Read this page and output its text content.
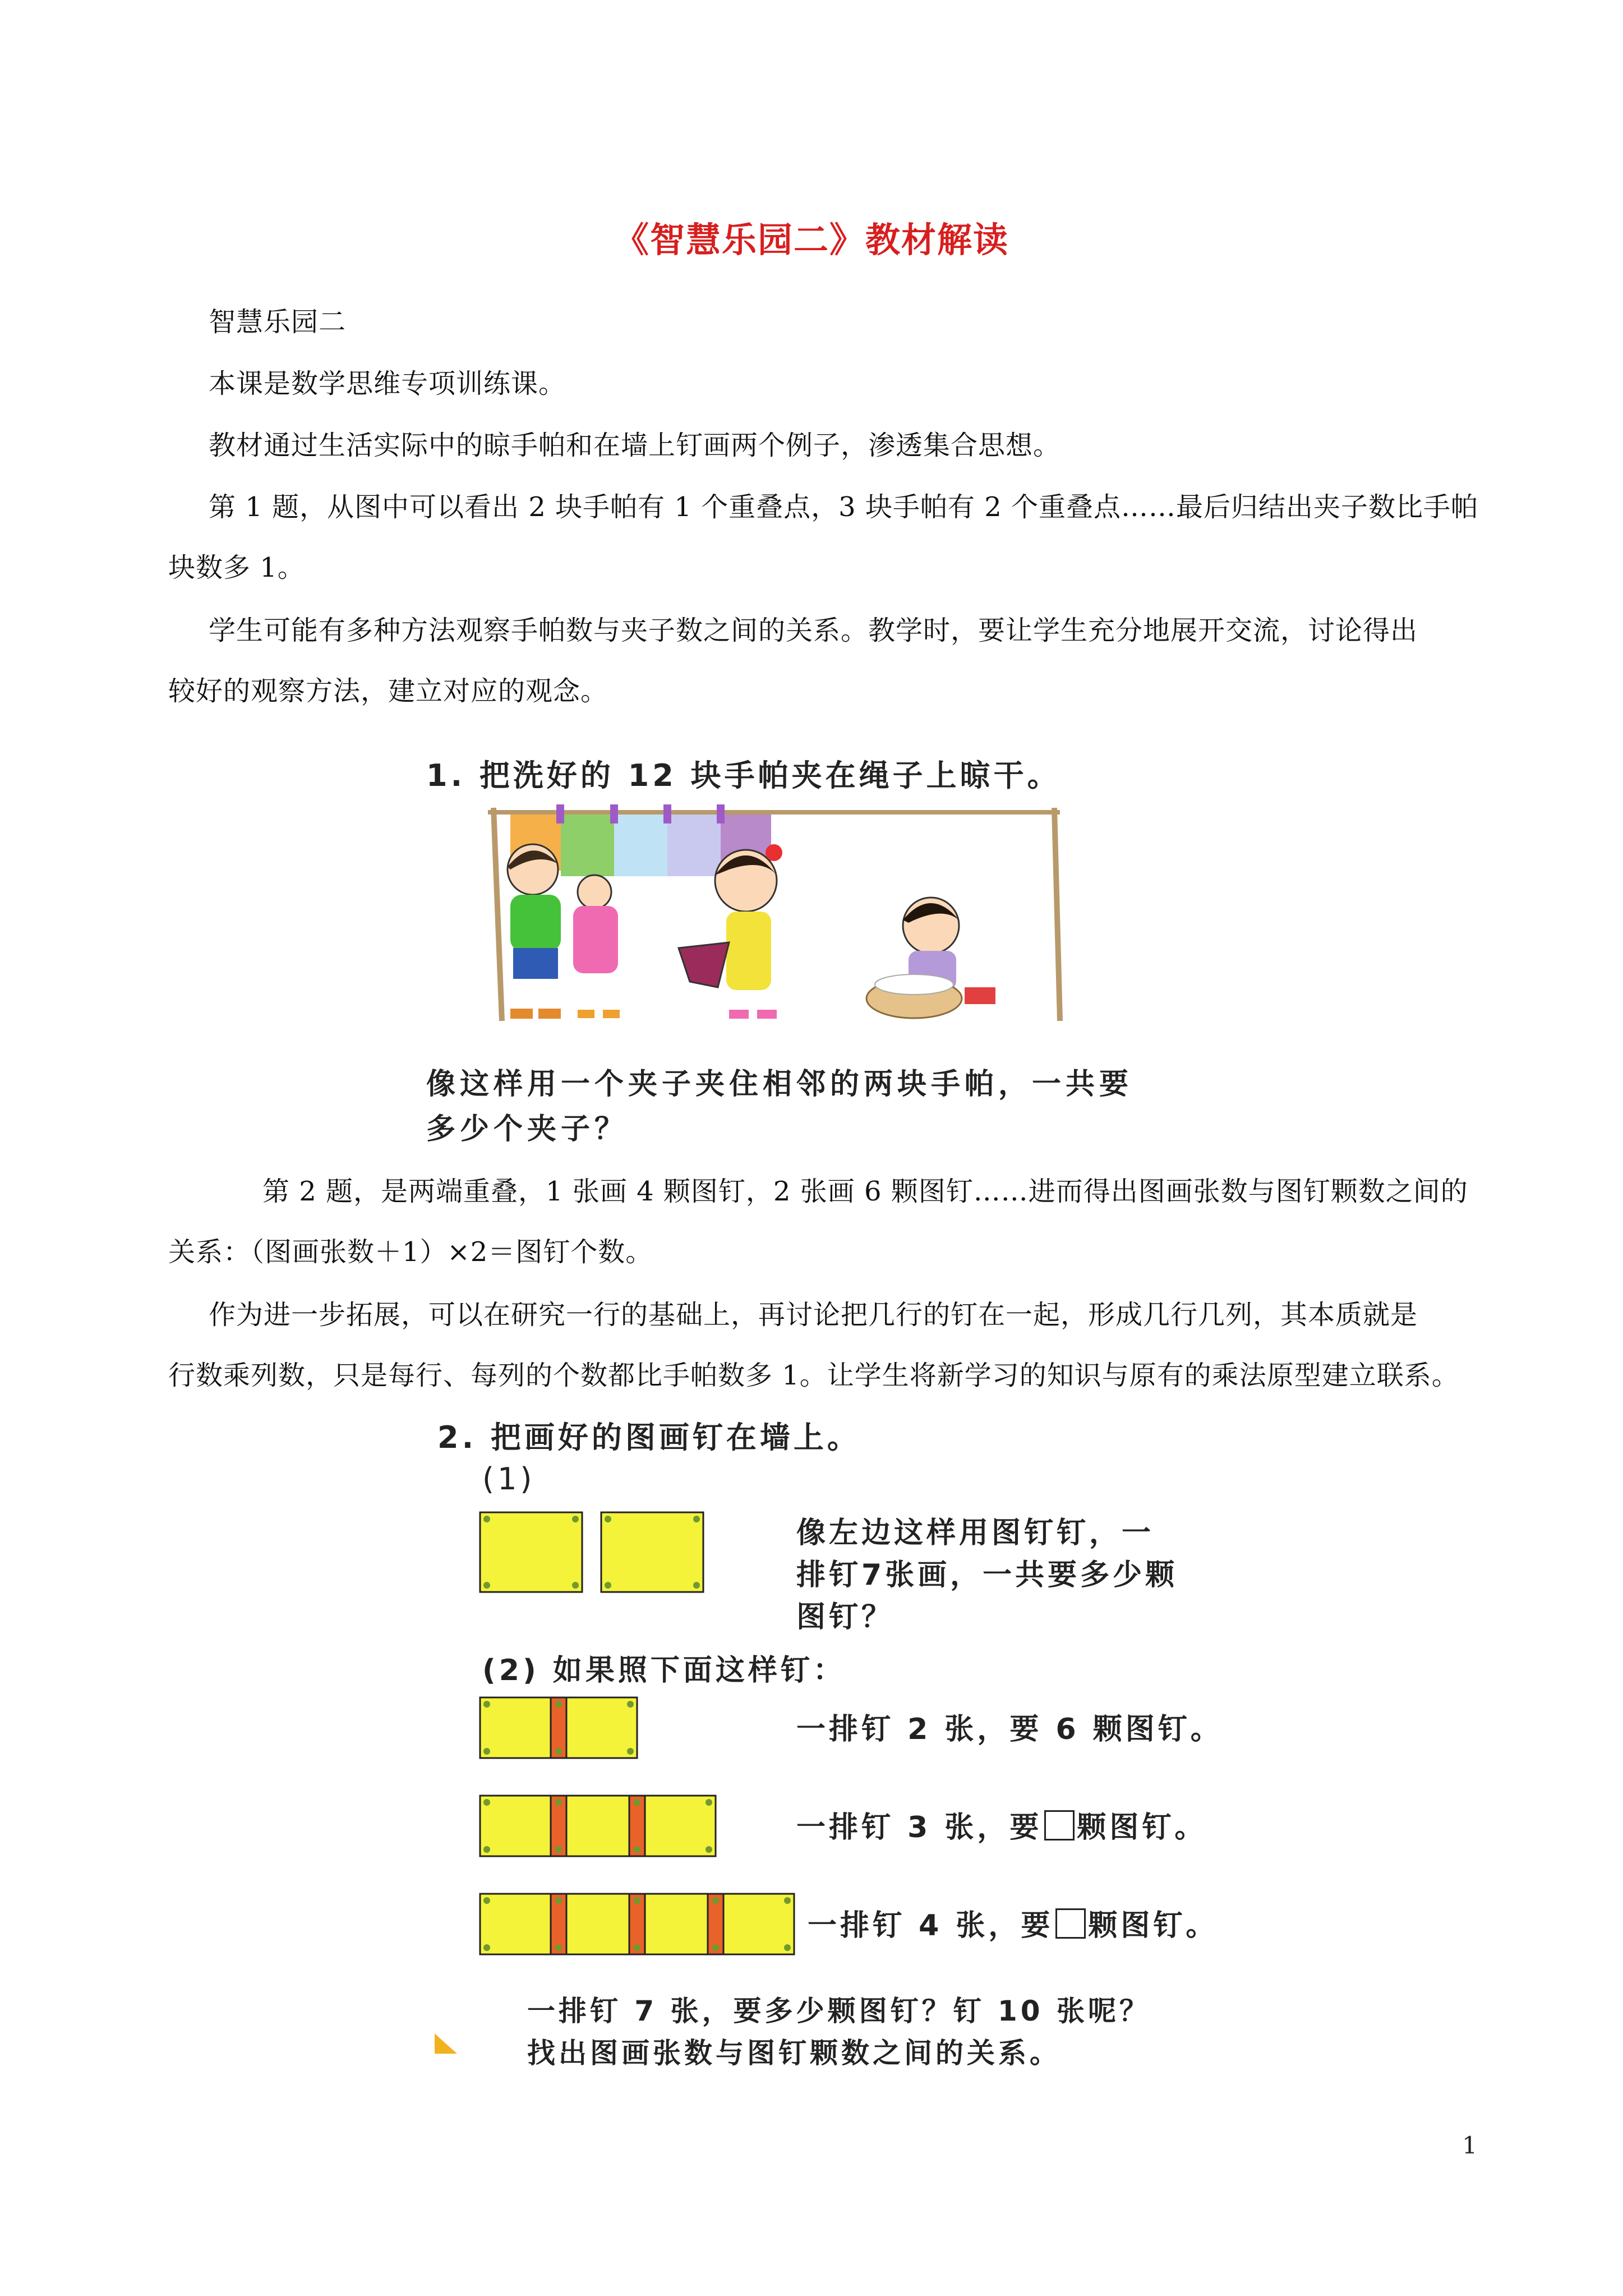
《智慧乐园二》教材解读
智慧乐园二
本课是数学思维专项训练课。
教材通过生活实际中的晾手帕和在墙上钉画两个例子，渗透集合思想。
第 1 题，从图中可以看出 2 块手帕有 1 个重叠点，3 块手帕有 2 个重叠点……最后归结出夹子数比手帕
块数多 1。
学生可能有多种方法观察手帕数与夹子数之间的关系。教学时，要让学生充分地展开交流，讨论得出
较好的观察方法，建立对应的观念。
1. 把洗好的 12 块手帕夹在绳子上晾干。
像这样用一个夹子夹住相邻的两块手帕，一共要
多少个夹子？
第 2 题，是两端重叠，1 张画 4 颗图钉，2 张画 6 颗图钉……进而得出图画张数与图钉颗数之间的
关系：（图画张数＋1）×2＝图钉个数。
作为进一步拓展，可以在研究一行的基础上，再讨论把几行的钉在一起，形成几行几列，其本质就是
行数乘列数，只是每行、每列的个数都比手帕数多 1。让学生将新学习的知识与原有的乘法原型建立联系。
2. 把画好的图画钉在墙上。
(1)
像左边这样用图钉钉，一
排钉7张画，一共要多少颗
图钉？
(2) 如果照下面这样钉：
一排钉 2 张，要 6 颗图钉。
一排钉 3 张，要 颗图钉。
一排钉 4 张，要 颗图钉。
一排钉 7 张，要多少颗图钉？钉 10 张呢？
找出图画张数与图钉颗数之间的关系。
1
